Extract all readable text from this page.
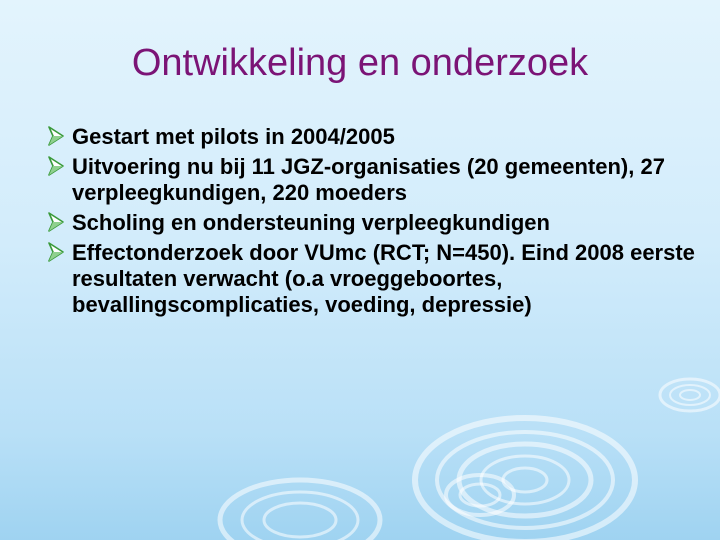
Ontwikkeling en onderzoek
Gestart met pilots in 2004/2005
Uitvoering nu bij 11 JGZ-organisaties (20 gemeenten), 27 verpleegkundigen, 220 moeders
Scholing en ondersteuning verpleegkundigen
Effectonderzoek door VUmc (RCT; N=450). Eind 2008 eerste resultaten verwacht (o.a vroeggeboortes, bevallingscomplicaties, voeding, depressie)
